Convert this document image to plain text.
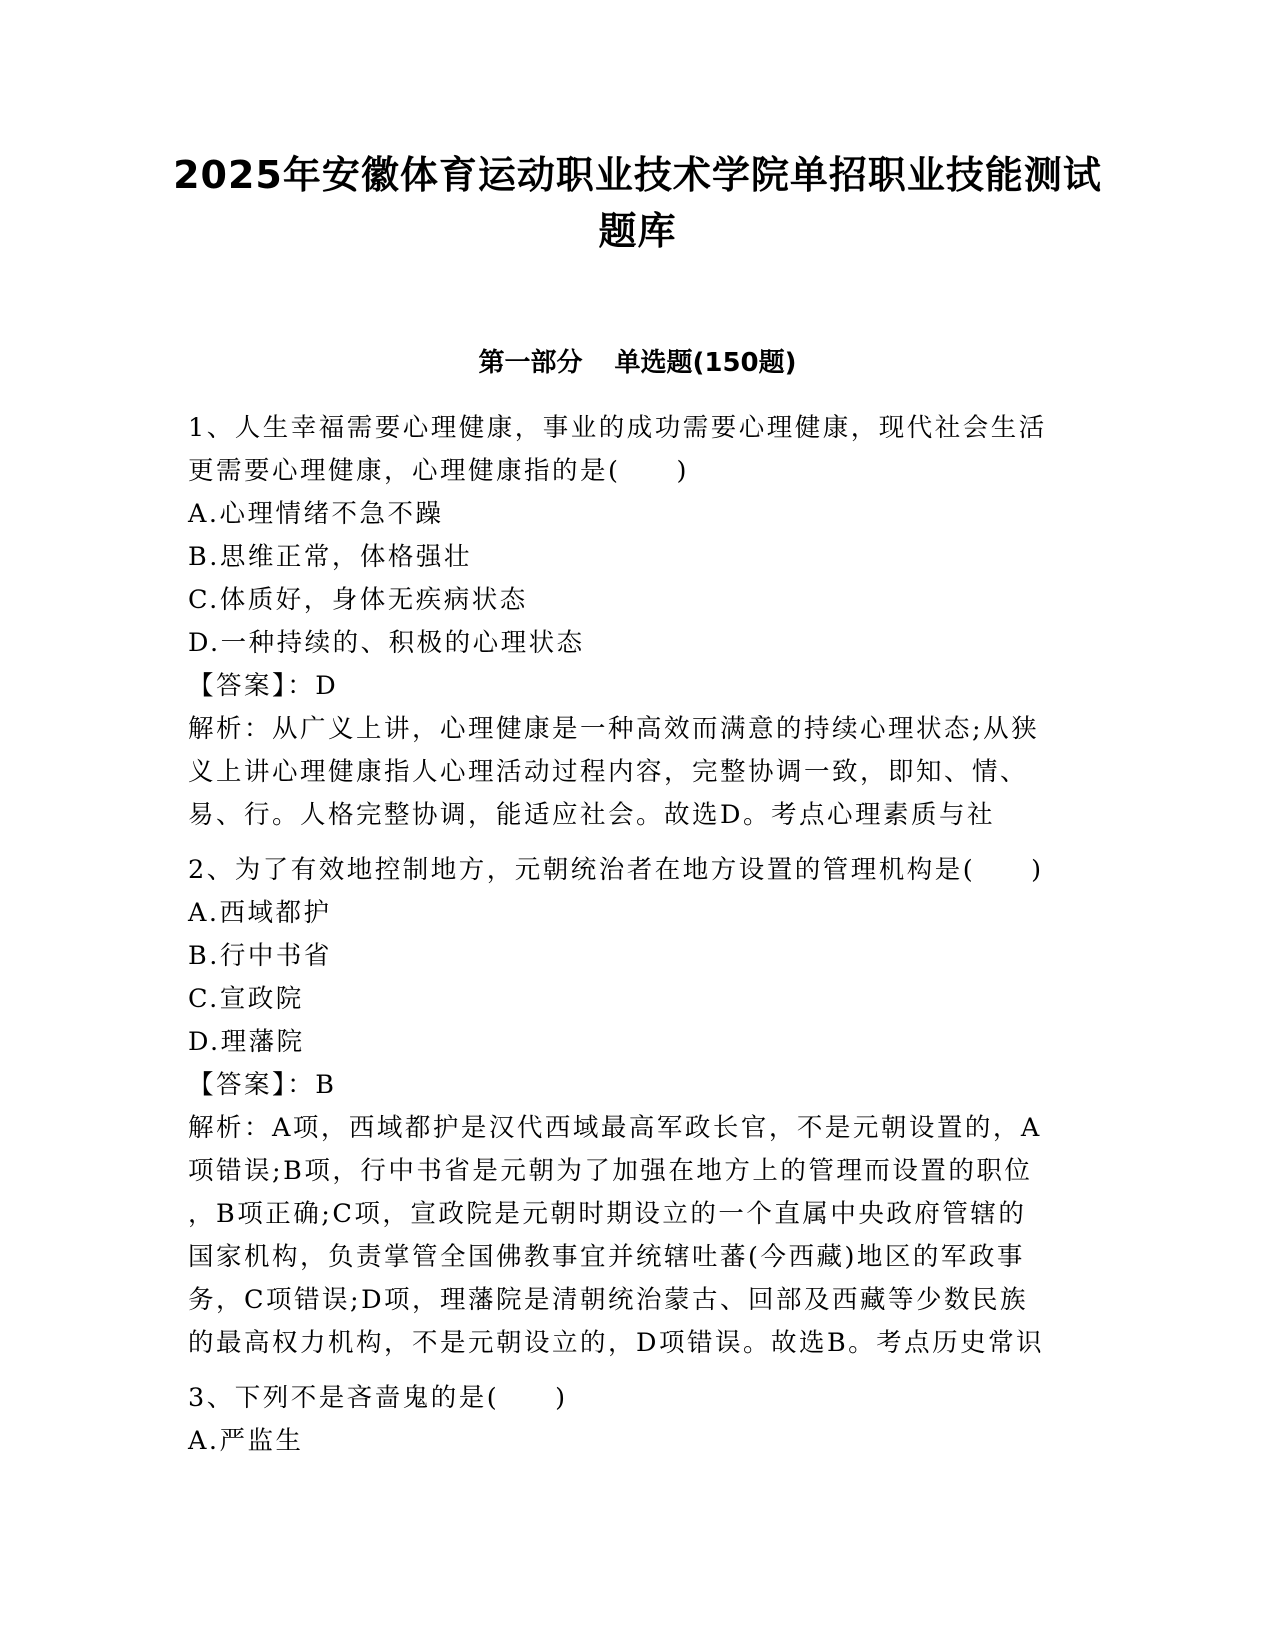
2025年安徽体育运动职业技术学院单招职业技能测试
题库
第一部分 单选题(150题)
1、人生幸福需要心理健康，事业的成功需要心理健康，现代社会生活
更需要心理健康，心理健康指的是(　　)
A.心理情绪不急不躁
B.思维正常，体格强壮
C.体质好，身体无疾病状态
D.一种持续的、积极的心理状态
【答案】：D
解析：从广义上讲，心理健康是一种高效而满意的持续心理状态;从狭
义上讲心理健康指人心理活动过程内容，完整协调一致，即知、情、
易、行。人格完整协调，能适应社会。故选D。考点心理素质与社
2、为了有效地控制地方，元朝统治者在地方设置的管理机构是(　　)
A.西域都护
B.行中书省
C.宣政院
D.理藩院
【答案】：B
解析：A项，西域都护是汉代西域最高军政长官，不是元朝设置的，A
项错误;B项，行中书省是元朝为了加强在地方上的管理而设置的职位
，B项正确;C项，宣政院是元朝时期设立的一个直属中央政府管辖的
国家机构，负责掌管全国佛教事宜并统辖吐蕃(今西藏)地区的军政事
务，C项错误;D项，理藩院是清朝统治蒙古、回部及西藏等少数民族
的最高权力机构，不是元朝设立的，D项错误。故选B。考点历史常识
3、下列不是吝啬鬼的是(　　)
A.严监生
